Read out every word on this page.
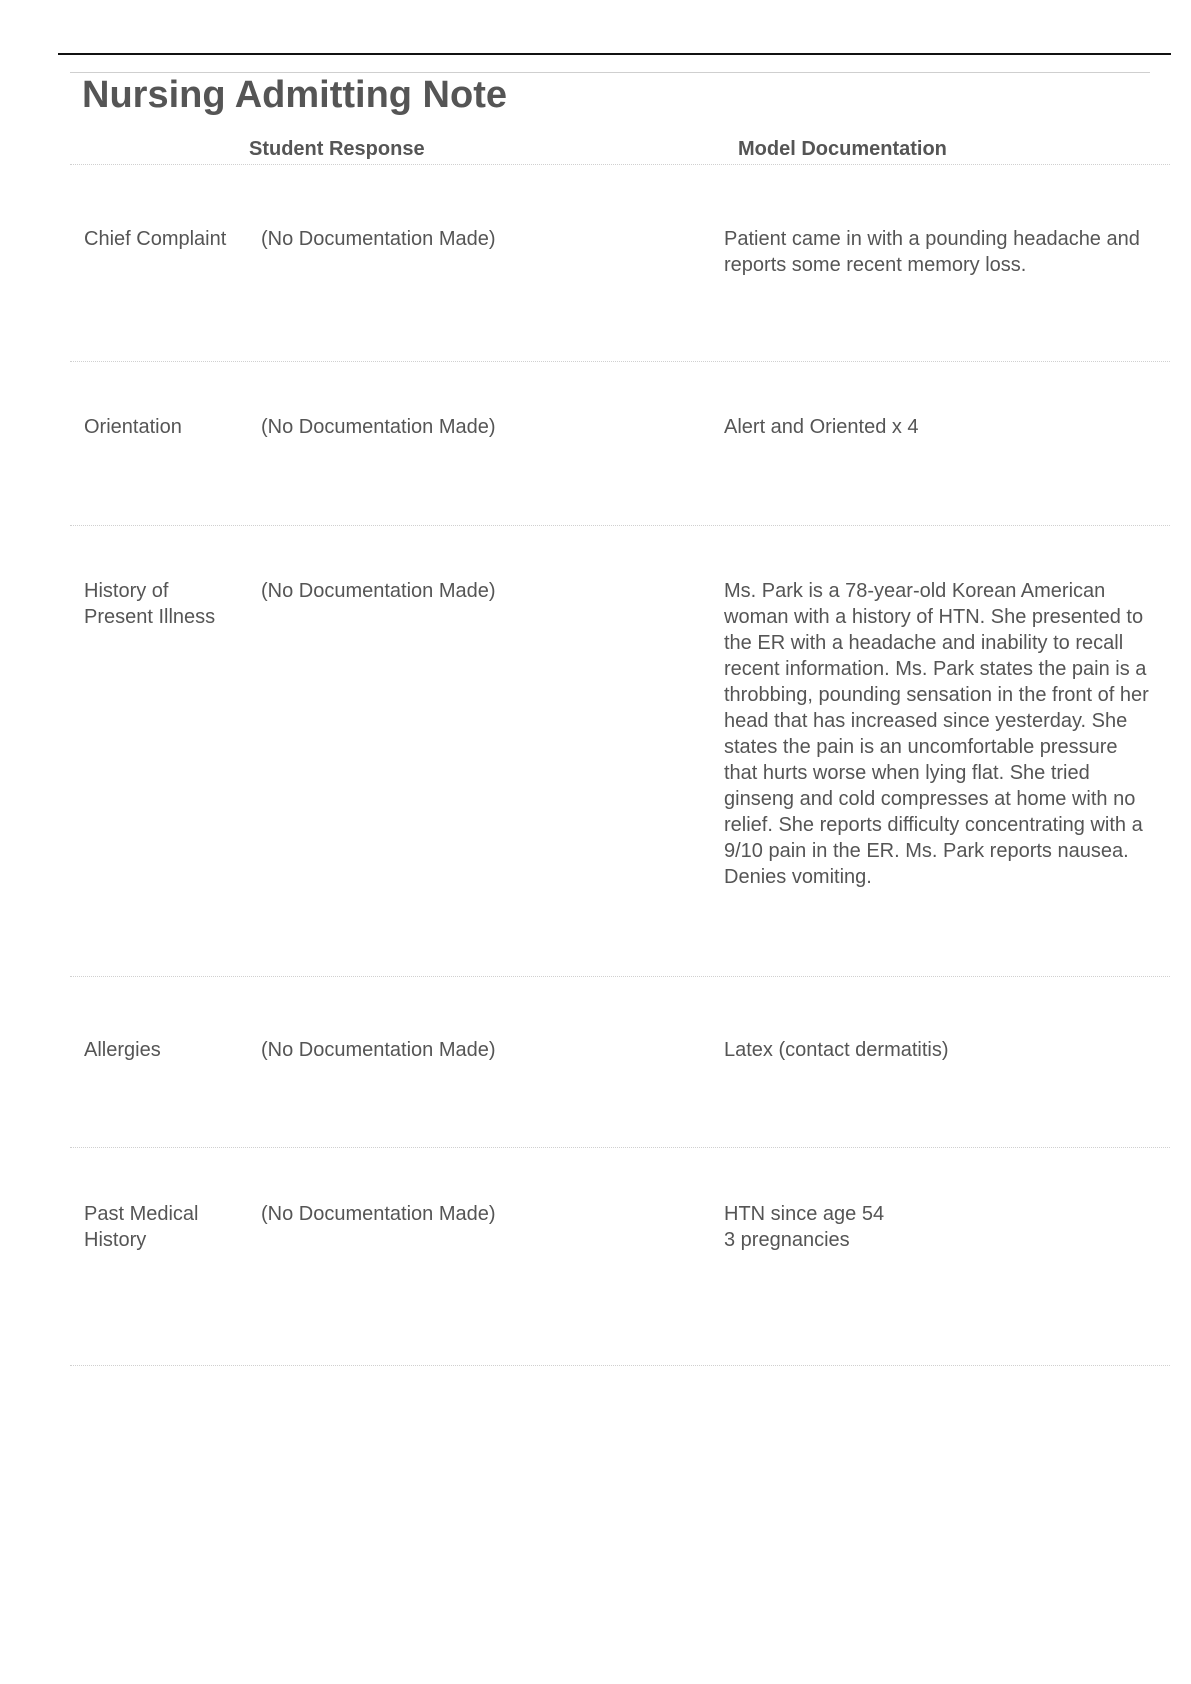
Nursing Admitting Note
Student Response	Model Documentation
Chief Complaint	(No Documentation Made)	Patient came in with a pounding headache and
reports some recent memory loss.
Orientation	(No Documentation Made)	Alert and Oriented x 4
History of
Present Illness
(No Documentation Made)	Ms. Park is a 78-year-old Korean American
woman with a history of HTN. She presented to
the ER with a headache and inability to recall
recent information. Ms. Park states the pain is a
throbbing, pounding sensation in the front of her
head that has increased since yesterday. She
states the pain is an uncomfortable pressure
that hurts worse when lying flat. She tried
ginseng and cold compresses at home with no
relief. She reports difficulty concentrating with a
9/10 pain in the ER. Ms. Park reports nausea.
Denies vomiting.
Allergies	(No Documentation Made)	Latex (contact dermatitis)
Past Medical
History
(No Documentation Made)	HTN since age 54
3 pregnancies
